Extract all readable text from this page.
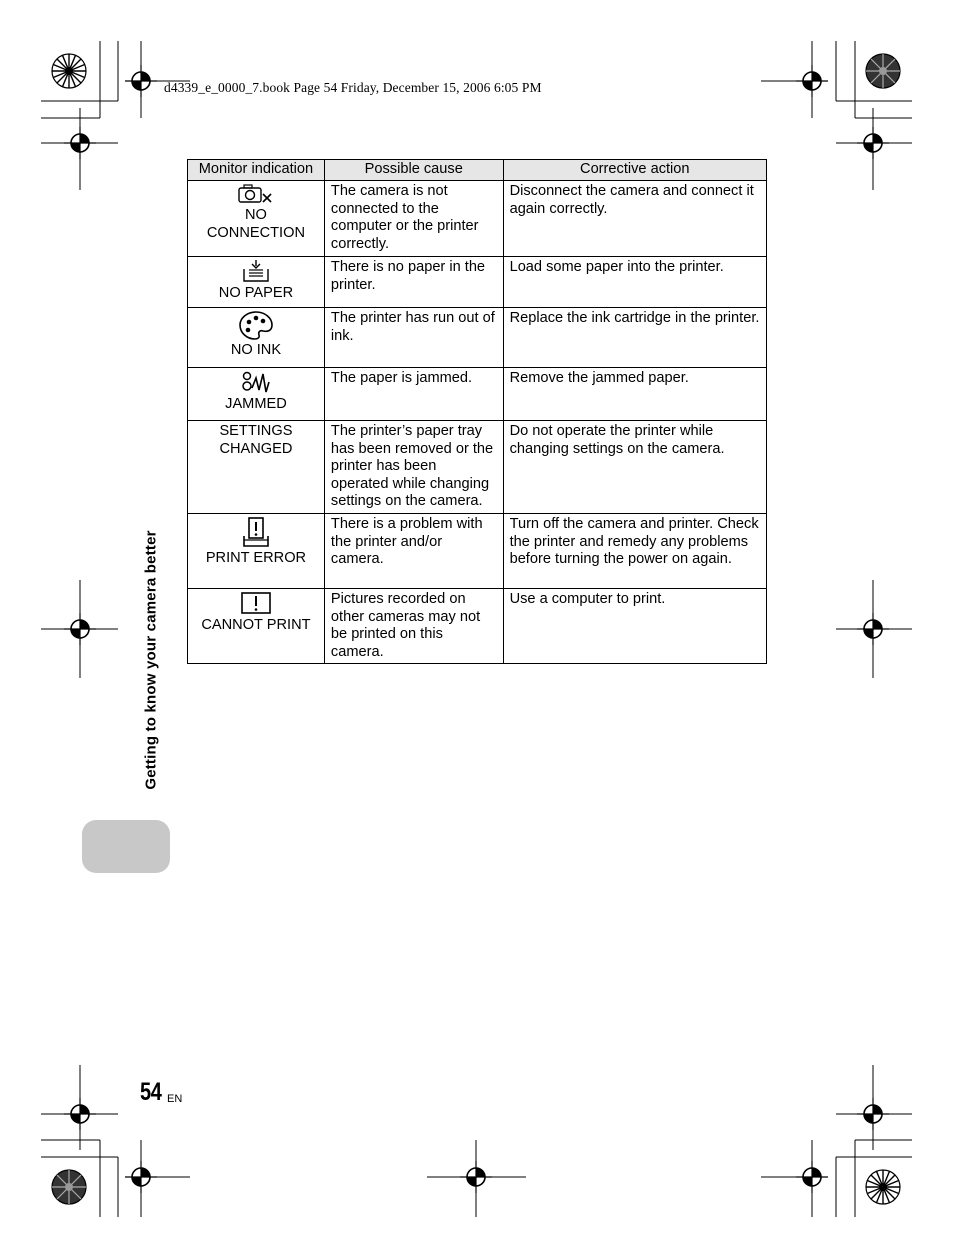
d4339_e_0000_7.book Page 54 Friday, December 15, 2006 6:05 PM
Monitor indication	Possible cause	Corrective action

NO CONNECTION	The camera is not connected to the computer or the printer correctly.	Disconnect the camera and connect it again correctly.

NO PAPER	There is no paper in the printer.	Load some paper into the printer.

NO INK	The printer has run out of ink.	Replace the ink cartridge in the printer.

JAMMED	The paper is jammed.	Remove the jammed paper.
SETTINGS CHANGED	The printer’s paper tray has been removed or the printer has been operated while changing settings on the camera.	Do not operate the printer while changing settings on the camera.

PRINT ERROR	There is a problem with the printer and/or camera.	Turn off the camera and printer. Check the printer and remedy any problems before turning the power on again.

CANNOT PRINT	Pictures recorded on other cameras may not be printed on this camera.	Use a computer to print.
Getting to know your camera better
54 EN
